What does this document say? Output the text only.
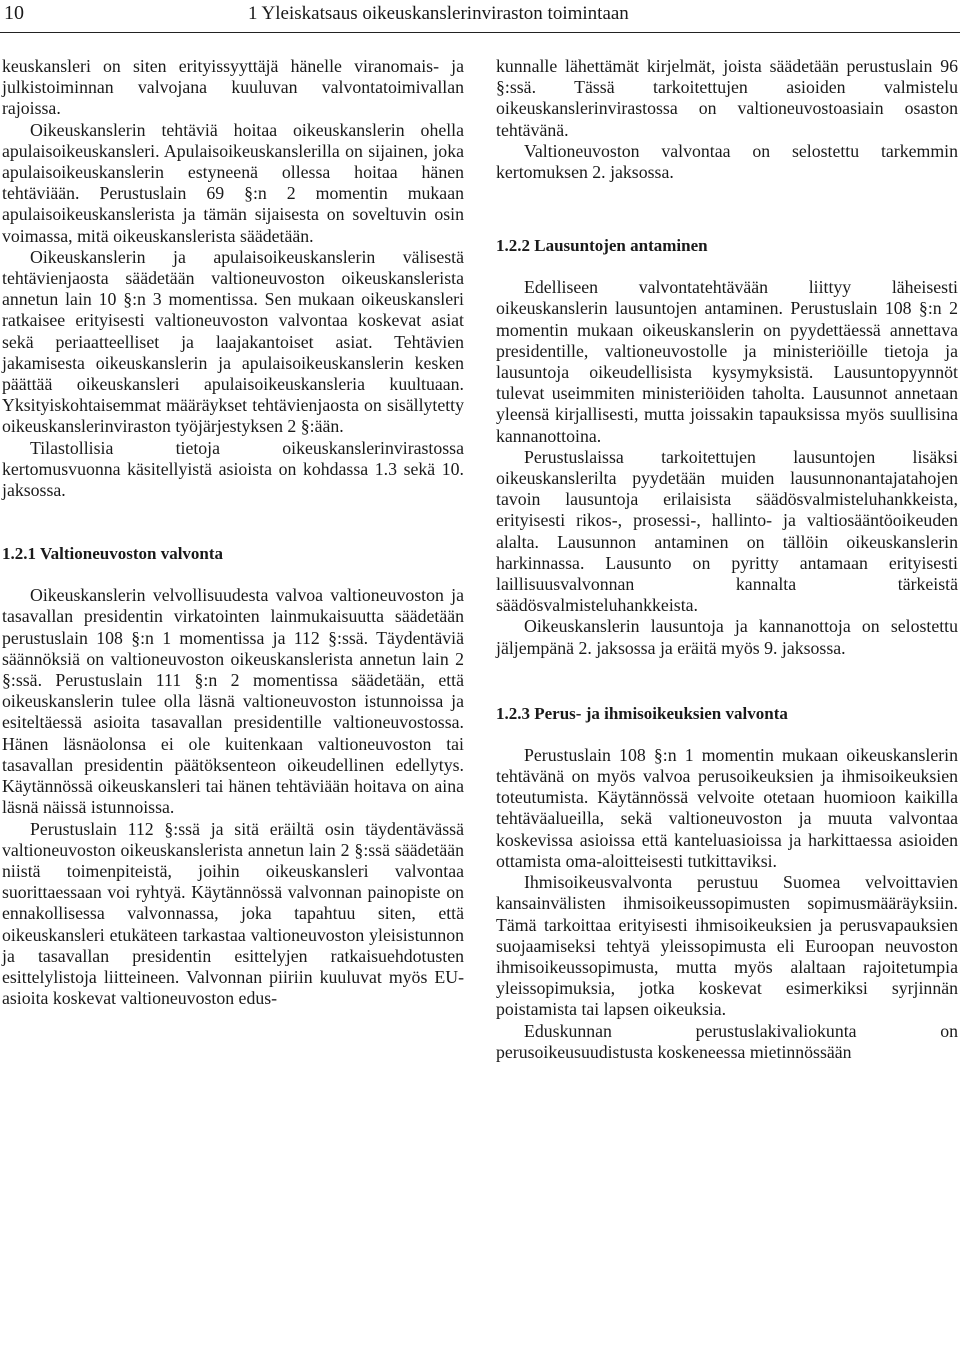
10	1 Yleiskatsaus oikeuskanslerinviraston toimintaan

keuskansleri on siten erityissyyttäjä hänelle viranomais- ja julkistoiminnan valvojana kuuluvan valvontatoimivallan rajoissa.

Oikeuskanslerin tehtäviä hoitaa oikeuskanslerin ohella apulaisoikeuskansleri. Apulaisoikeuskanslerilla on sijainen, joka apulaisoikeuskanslerin estyneenä ollessa hoitaa hänen tehtäviään. Perustuslain 69 §:n 2 momentin mukaan apulaisoikeuskanslerista ja tämän sijaisesta on soveltuvin osin voimassa, mitä oikeuskanslerista säädetään.

Oikeuskanslerin ja apulaisoikeuskanslerin välisestä tehtävienjaosta säädetään valtioneuvoston oikeuskanslerista annetun lain 10 §:n 3 momentissa. Sen mukaan oikeuskansleri ratkaisee erityisesti valtioneuvoston valvontaa koskevat asiat sekä periaatteelliset ja laajakantoiset asiat. Tehtävien jakamisesta oikeuskanslerin ja apulaisoikeuskanslerin kesken päättää oikeuskansleri apulaisoikeuskansleria kuultuaan. Yksityiskohtaisemmat määräykset tehtävienjaosta on sisällytetty oikeuskanslerinviraston työjärjestyksen 2 §:ään.

Tilastollisia tietoja oikeuskanslerinvirastossa kertomusvuonna käsitellyistä asioista on kohdassa 1.3 sekä 10. jaksossa.

1.2.1 Valtioneuvoston valvonta

Oikeuskanslerin velvollisuudesta valvoa valtioneuvoston ja tasavallan presidentin virkatointen lainmukaisuutta säädetään perustuslain 108 §:n 1 momentissa ja 112 §:ssä. Täydentäviä säännöksiä on valtioneuvoston oikeuskanslerista annetun lain 2 §:ssä. Perustuslain 111 §:n 2 momentissa säädetään, että oikeuskanslerin tulee olla läsnä valtioneuvoston istunnoissa ja esiteltäessä asioita tasavallan presidentille valtioneuvostossa. Hänen läsnäolonsa ei ole kuitenkaan valtioneuvoston tai tasavallan presidentin päätöksenteon oikeudellinen edellytys. Käytännössä oikeuskansleri tai hänen tehtäviään hoitava on aina läsnä näissä istunnoissa.

Perustuslain 112 §:ssä ja sitä eräiltä osin täydentävässä valtioneuvoston oikeuskanslerista annetun lain 2 §:ssä säädetään niistä toimenpiteistä, joihin oikeuskansleri valvontaa suorittaessaan voi ryhtyä. Käytännössä valvonnan painopiste on ennakollisessa valvonnassa, joka tapahtuu siten, että oikeuskansleri etukäteen tarkastaa valtioneuvoston yleisistunnon ja tasavallan presidentin esittelyjen ratkaisuehdotusten esittelylistoja liitteineen. Valvonnan piiriin kuuluvat myös EU-asioita koskevat valtioneuvoston edus-

kunnalle lähettämät kirjelmät, joista säädetään perustuslain 96 §:ssä. Tässä tarkoitettujen asioiden valmistelu oikeuskanslerinvirastossa on valtioneuvostoasiain osaston tehtävänä.

Valtioneuvoston valvontaa on selostettu tarkemmin kertomuksen 2. jaksossa.

1.2.2 Lausuntojen antaminen

Edelliseen valvontatehtävään liittyy läheisesti oikeuskanslerin lausuntojen antaminen. Perustuslain 108 §:n 2 momentin mukaan oikeuskanslerin on pyydettäessä annettava presidentille, valtioneuvostolle ja ministeriöille tietoja ja lausuntoja oikeudellisista kysymyksistä. Lausuntopyynnöt tulevat useimmiten ministeriöiden taholta. Lausunnot annetaan yleensä kirjallisesti, mutta joissakin tapauksissa myös suullisina kannanottoina.

Perustuslaissa tarkoitettujen lausuntojen lisäksi oikeuskanslerilta pyydetään muiden lausunnonantajatahojen tavoin lausuntoja erilaisista säädösvalmisteluhankkeista, erityisesti rikos-, prosessi-, hallinto- ja valtiosääntöoikeuden alalta. Lausunnon antaminen on tällöin oikeuskanslerin harkinnassa. Lausunto on pyritty antamaan erityisesti laillisuusvalvonnan kannalta tärkeistä säädösvalmisteluhankkeista.

Oikeuskanslerin lausuntoja ja kannanottoja on selostettu jäljempänä 2. jaksossa ja eräitä myös 9. jaksossa.

1.2.3 Perus- ja ihmisoikeuksien valvonta

Perustuslain 108 §:n 1 momentin mukaan oikeuskanslerin tehtävänä on myös valvoa perusoikeuksien ja ihmisoikeuksien toteutumista. Käytännössä velvoite otetaan huomioon kaikilla tehtäväalueilla, sekä valtioneuvoston ja muuta valvontaa koskevissa asioissa että kanteluasioissa ja harkittaessa asioiden ottamista oma-aloitteisesti tutkittaviksi.

Ihmisoikeusvalvonta perustuu Suomea velvoittavien kansainvälisten ihmisoikeussopimusten sopimusmääräyksiin. Tämä tarkoittaa erityisesti ihmisoikeuksien ja perusvapauksien suojaamiseksi tehtyä yleissopimusta eli Euroopan neuvoston ihmisoikeussopimusta, mutta myös alaltaan rajoitetumpia yleissopimuksia, jotka koskevat esimerkiksi syrjinnän poistamista tai lapsen oikeuksia.

Eduskunnan perustuslakivaliokunta on perusoikeusuudistusta koskeneessa mietinnössään
